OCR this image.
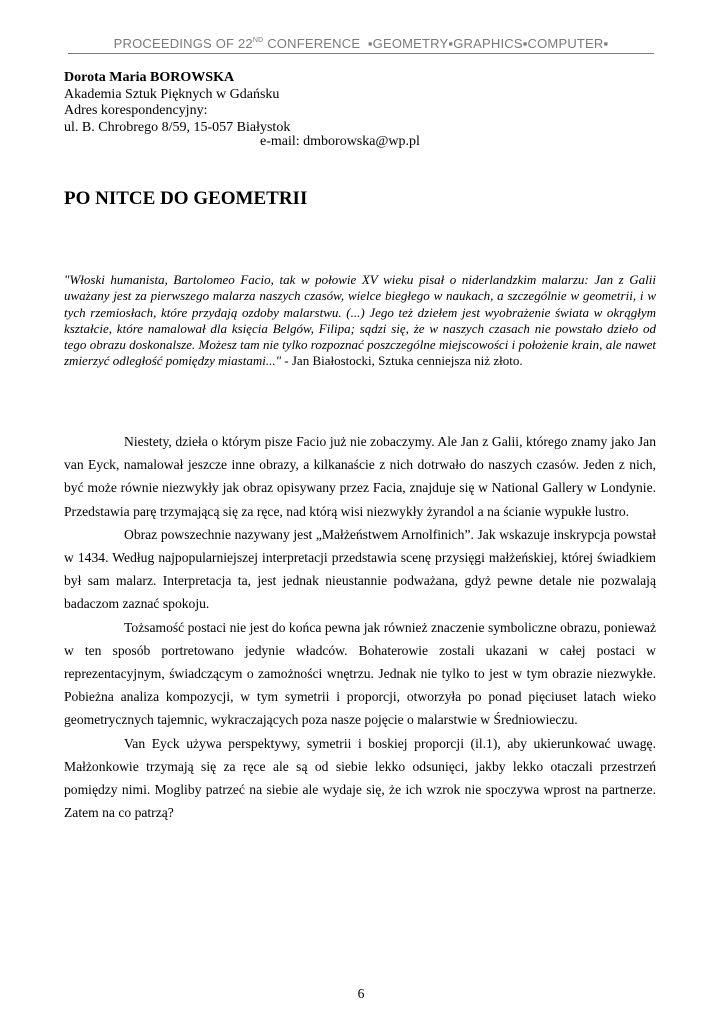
PROCEEDINGS OF 22ND CONFERENCE  ▪GEOMETRY▪GRAPHICS▪COMPUTER▪
Dorota Maria BOROWSKA
Akademia Sztuk Pięknych w Gdańsku
Adres korespondencyjny:
ul. B. Chrobrego 8/59, 15-057 Białystok
e-mail: dmborowska@wp.pl
PO NITCE DO GEOMETRII

"Włoski humanista, Bartolomeo Facio, tak w połowie XV wieku pisał o niderlandzkim malarzu: Jan z Galii uważany jest za pierwszego malarza naszych czasów, wielce biegłego w naukach, a szczególnie w geometrii, i w tych rzemiosłach, które przydają ozdoby malarstwu. (...) Jego też dziełem jest wyobrażenie świata w okrągłym kształcie, które namalował dla księcia Belgów, Filipa; sądzi się, że w naszych czasach nie powstało dzieło od tego obrazu doskonalsze. Możesz tam nie tylko rozpoznać poszczególne miejscowości i położenie krain, ale nawet zmierzyć odległość pomiędzy miastami..." - Jan Białostocki, Sztuka cenniejsza niż złoto.

Niestety, dzieła o którym pisze Facio już nie zobaczymy. Ale Jan z Galii, którego znamy jako Jan van Eyck, namalował jeszcze inne obrazy, a kilkanaście z nich dotrwało do naszych czasów. Jeden z nich, być może równie niezwykły jak obraz opisywany przez Facia, znajduje się w National Gallery w Londynie. Przedstawia parę trzymającą się za ręce, nad którą wisi niezwykły żyrandol a na ścianie wypukłe lustro.

Obraz powszechnie nazywany jest „Małżeństwem Arnolfinich”. Jak wskazuje inskrypcja powstał w 1434. Według najpopularniejszej interpretacji przedstawia scenę przysięgi małżeńskiej, której świadkiem był sam malarz. Interpretacja ta, jest jednak nieustannie podważana, gdyż pewne detale nie pozwalają badaczom zaznać spokoju.

Tożsamość postaci nie jest do końca pewna jak również znaczenie symboliczne obrazu, ponieważ w ten sposób portretowano jedynie władców. Bohaterowie zostali ukazani w całej postaci w reprezentacyjnym, świadczącym o zamożności wnętrzu. Jednak nie tylko to jest w tym obrazie niezwykłe. Pobieżna analiza kompozycji, w tym symetrii i proporcji, otworzyła po ponad pięciuset latach wieko geometrycznych tajemnic, wykraczających poza nasze pojęcie o malarstwie w Średniowieczu.

Van Eyck używa perspektywy, symetrii i boskiej proporcji (il.1), aby ukierunkować uwagę. Małżonkowie trzymają się za ręce ale są od siebie lekko odsunięci, jakby lekko otaczali przestrzeń pomiędzy nimi. Mogliby patrzeć na siebie ale wydaje się, że ich wzrok nie spoczywa wprost na partnerze. Zatem na co patrzą?

6
